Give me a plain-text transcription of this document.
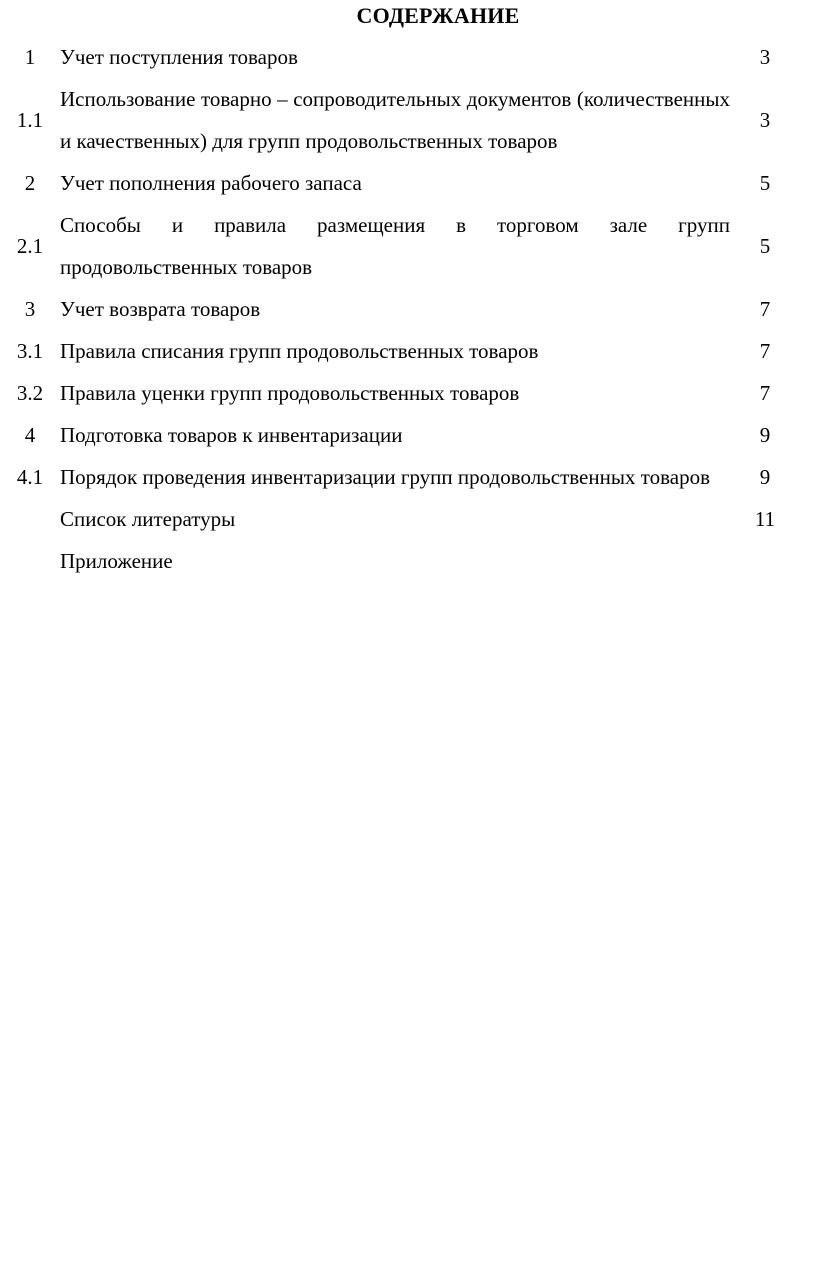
СОДЕРЖАНИЕ
1	Учет поступления товаров	3
1.1	Использование товарно – сопроводительных документов (количественных и качественных) для групп продовольственных товаров	3
2	Учет пополнения рабочего запаса	5
2.1	Способы и правила размещения в торговом зале групп продовольственных товаров	5
3	Учет возврата товаров	7
3.1	Правила списания групп продовольственных товаров	7
3.2	Правила уценки групп продовольственных товаров	7
4	Подготовка товаров к инвентаризации	9
4.1	Порядок проведения инвентаризации групп продовольственных товаров	9
	Список литературы	11
	Приложение	
